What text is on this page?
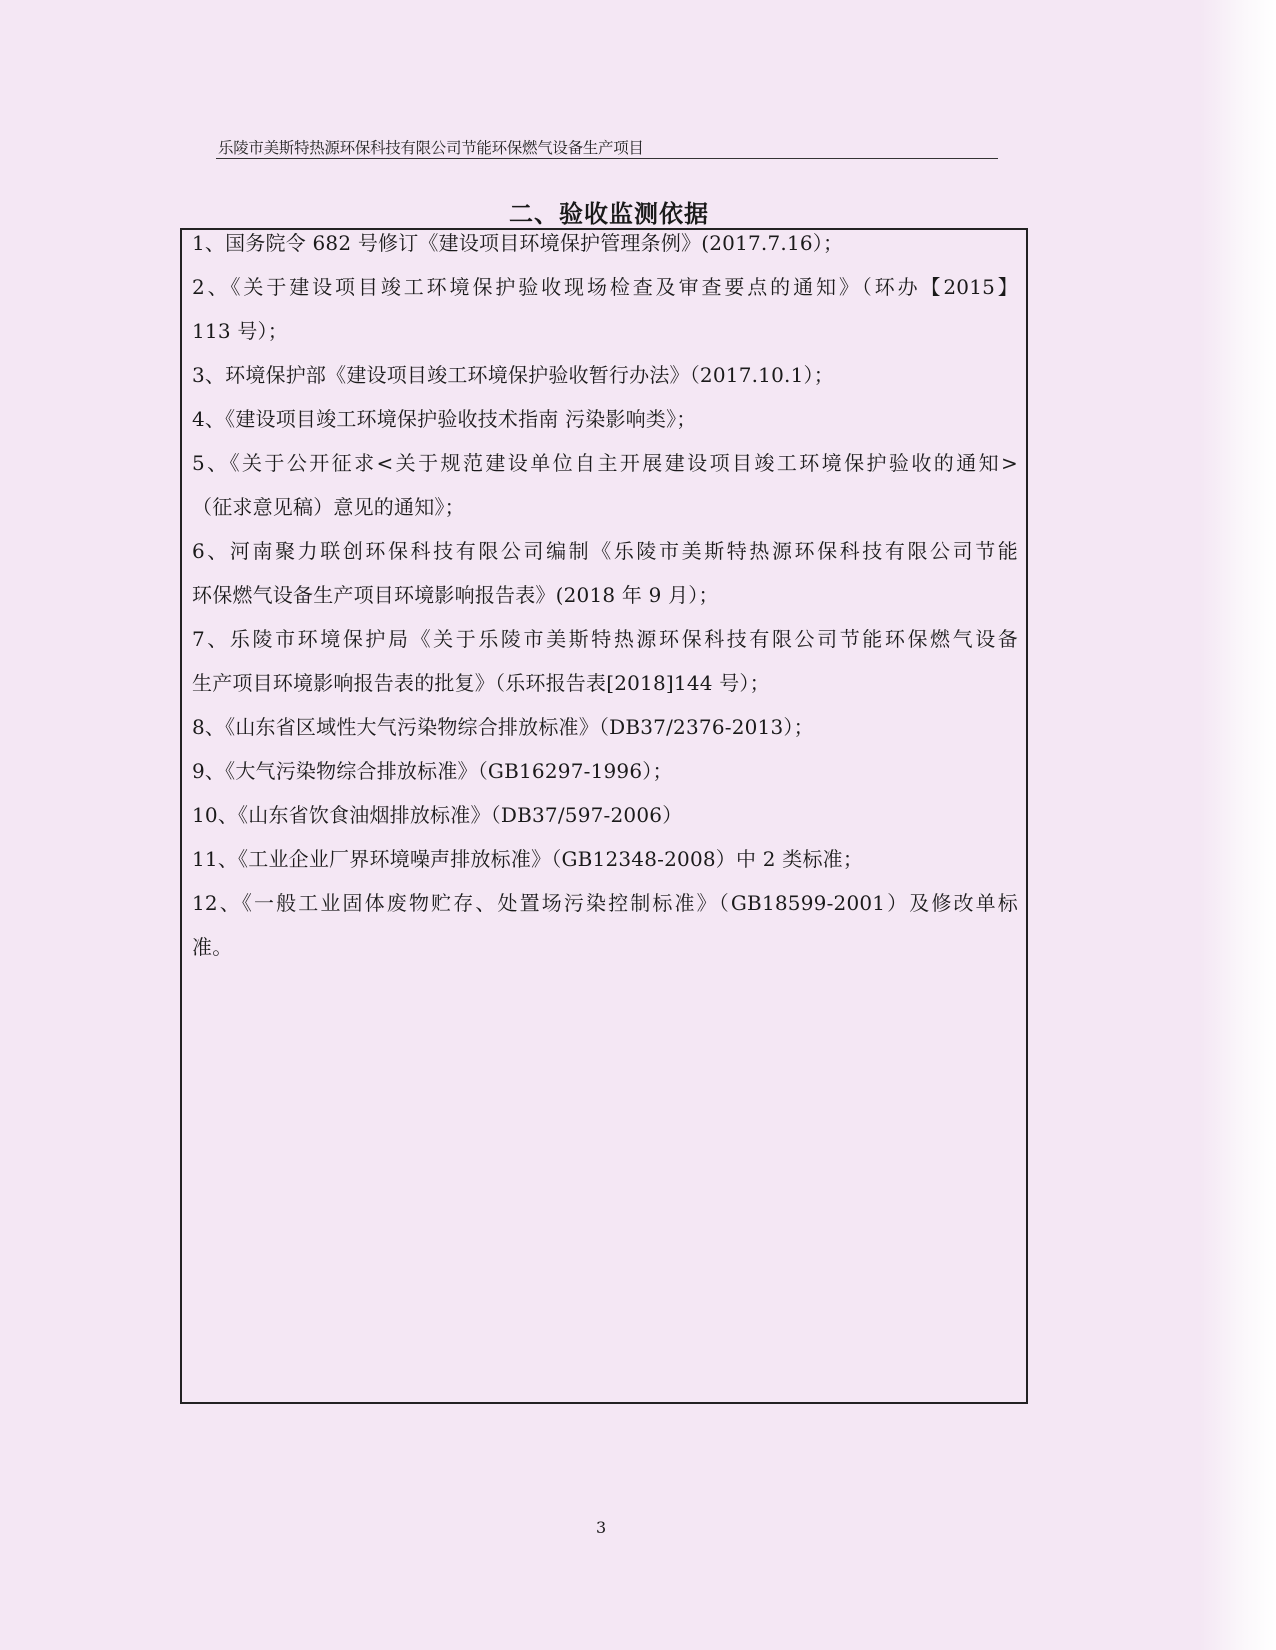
乐陵市美斯特热源环保科技有限公司节能环保燃气设备生产项目
二、验收监测依据
1、国务院令 682 号修订《建设项目环境保护管理条例》(2017.7.16）；
2、《关于建设项目竣工环境保护验收现场检查及审查要点的通知》（环办【2015】
113 号）；
3、环境保护部《建设项目竣工环境保护验收暂行办法》（2017.10.1）；
4、《建设项目竣工环境保护验收技术指南 污染影响类》；
5、《关于公开征求<关于规范建设单位自主开展建设项目竣工环境保护验收的通知>
（征求意见稿）意见的通知》；
6、河南聚力联创环保科技有限公司编制《乐陵市美斯特热源环保科技有限公司节能
环保燃气设备生产项目环境影响报告表》(2018 年 9 月）；
7、乐陵市环境保护局《关于乐陵市美斯特热源环保科技有限公司节能环保燃气设备
生产项目环境影响报告表的批复》（乐环报告表[2018]144 号）；
8、《山东省区域性大气污染物综合排放标准》（DB37/2376-2013）；
9、《大气污染物综合排放标准》（GB16297-1996）；
10、《山东省饮食油烟排放标准》（DB37/597-2006）
11、《工业企业厂界环境噪声排放标准》（GB12348-2008）中 2 类标准；
12、《一般工业固体废物贮存、处置场污染控制标准》（GB18599-2001）及修改单标
准。
3
